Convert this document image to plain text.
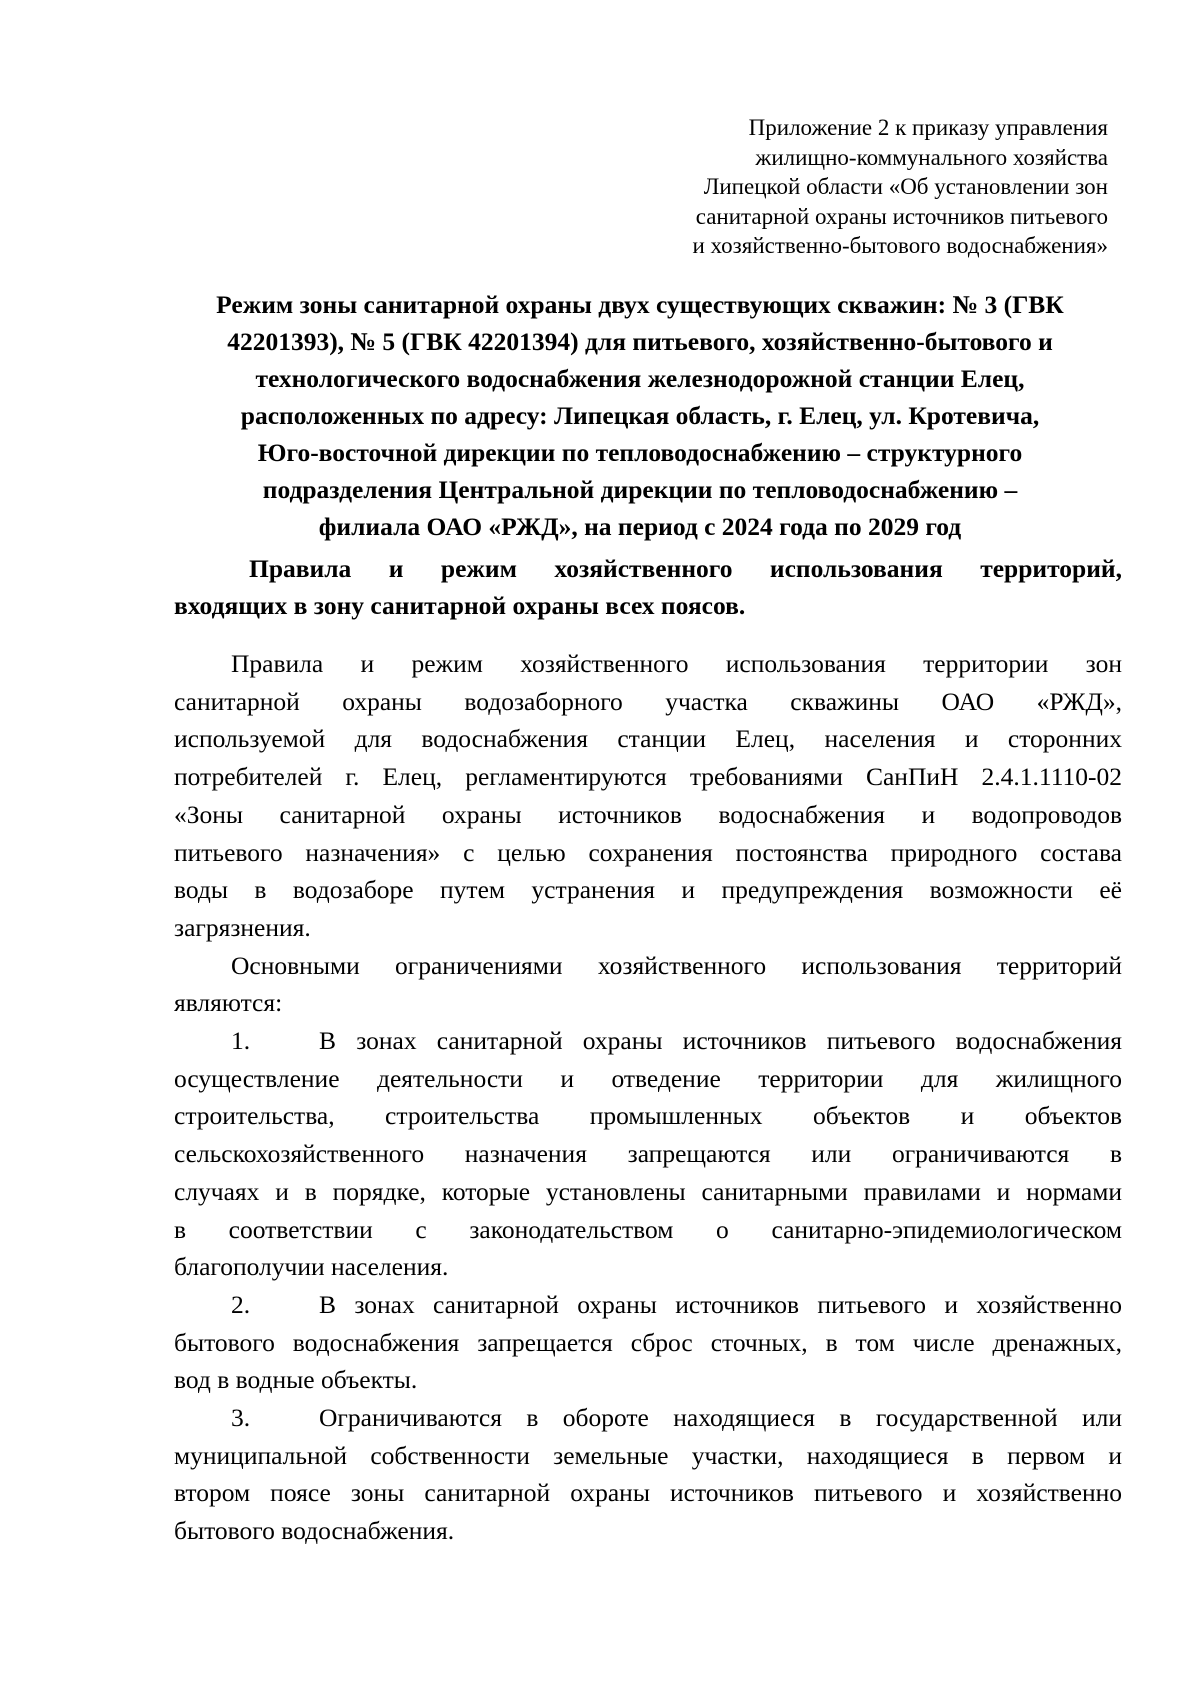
Приложение 2 к приказу управления
жилищно-коммунального хозяйства
Липецкой области «Об установлении зон
санитарной охраны источников питьевого
и хозяйственно-бытового водоснабжения»
Режим зоны санитарной охраны двух существующих скважин: № 3 (ГВК
42201393), № 5 (ГВК 42201394) для питьевого, хозяйственно-бытового и
технологического водоснабжения железнодорожной станции Елец,
расположенных по адресу: Липецкая область, г. Елец, ул. Кротевича,
Юго-восточной дирекции по тепловодоснабжению – структурного
подразделения Центральной дирекции по тепловодоснабжению –
филиала ОАО «РЖД», на период с 2024 года по 2029 год
Правила и режим хозяйственного использования территорий,
входящих в зону санитарной охраны всех поясов.
Правила и режим хозяйственного использования территории зон
санитарной охраны водозаборного участка скважины ОАО «РЖД»,
используемой для водоснабжения станции Елец, населения и сторонних
потребителей г. Елец, регламентируются требованиями СанПиН 2.4.1.1110-02
«Зоны санитарной охраны источников водоснабжения и водопроводов
питьевого назначения» с целью сохранения постоянства природного состава
воды в водозаборе путем устранения и предупреждения возможности её
загрязнения.
Основными ограничениями хозяйственного использования территорий
являются:
1.	В зонах санитарной охраны источников питьевого водоснабжения
осуществление деятельности и отведение территории для жилищного
строительства, строительства промышленных объектов и объектов
сельскохозяйственного назначения запрещаются или ограничиваются в
случаях и в порядке, которые установлены санитарными правилами и нормами
в соответствии с законодательством о санитарно-эпидемиологическом
благополучии населения.
2.	В зонах санитарной охраны источников питьевого и хозяйственно
бытового водоснабжения запрещается сброс сточных, в том числе дренажных,
вод в водные объекты.
3.	Ограничиваются в обороте находящиеся в государственной или
муниципальной собственности земельные участки, находящиеся в первом и
втором поясе зоны санитарной охраны источников питьевого и хозяйственно
бытового водоснабжения.
